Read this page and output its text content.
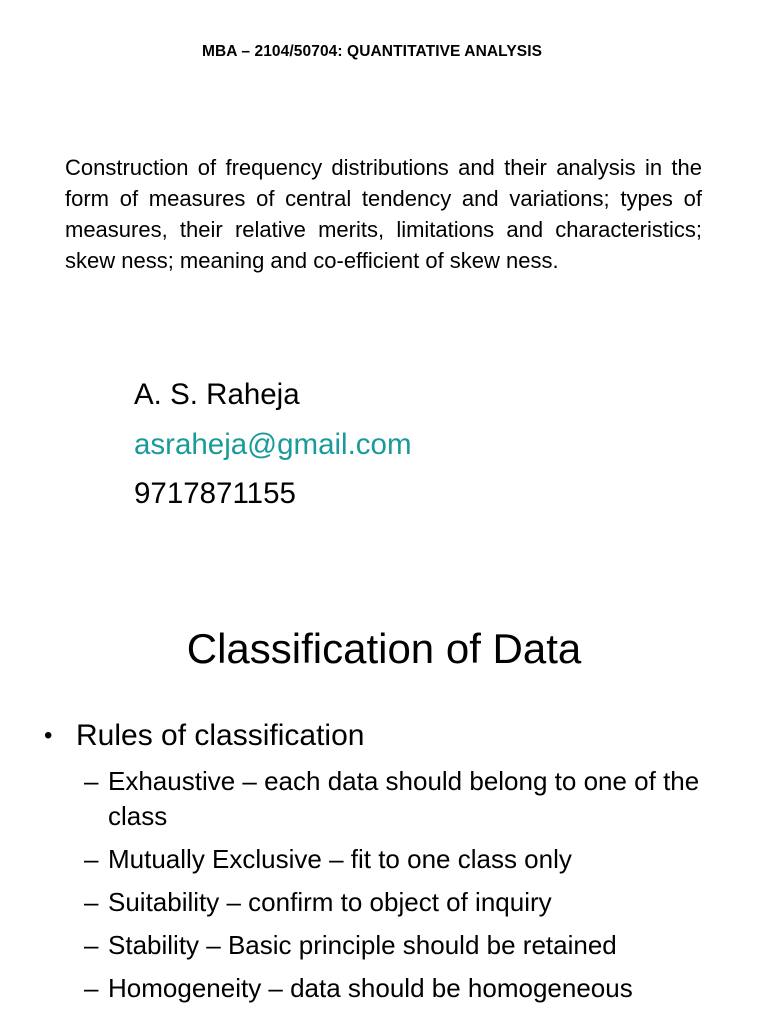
MBA – 2104/50704: QUANTITATIVE ANALYSIS
Construction of frequency distributions and their analysis in the form of measures of central tendency and variations; types of measures, their relative merits, limitations and characteristics; skew ness; meaning and co-efficient of skew ness.
A. S. Raheja
asraheja@gmail.com
9717871155
Classification of Data
• Rules of classification
– Exhaustive – each data should belong to one of the class
– Mutually Exclusive – fit to one class only
– Suitability – confirm to object of inquiry
– Stability – Basic principle should be retained
– Homogeneity – data should be homogeneous
